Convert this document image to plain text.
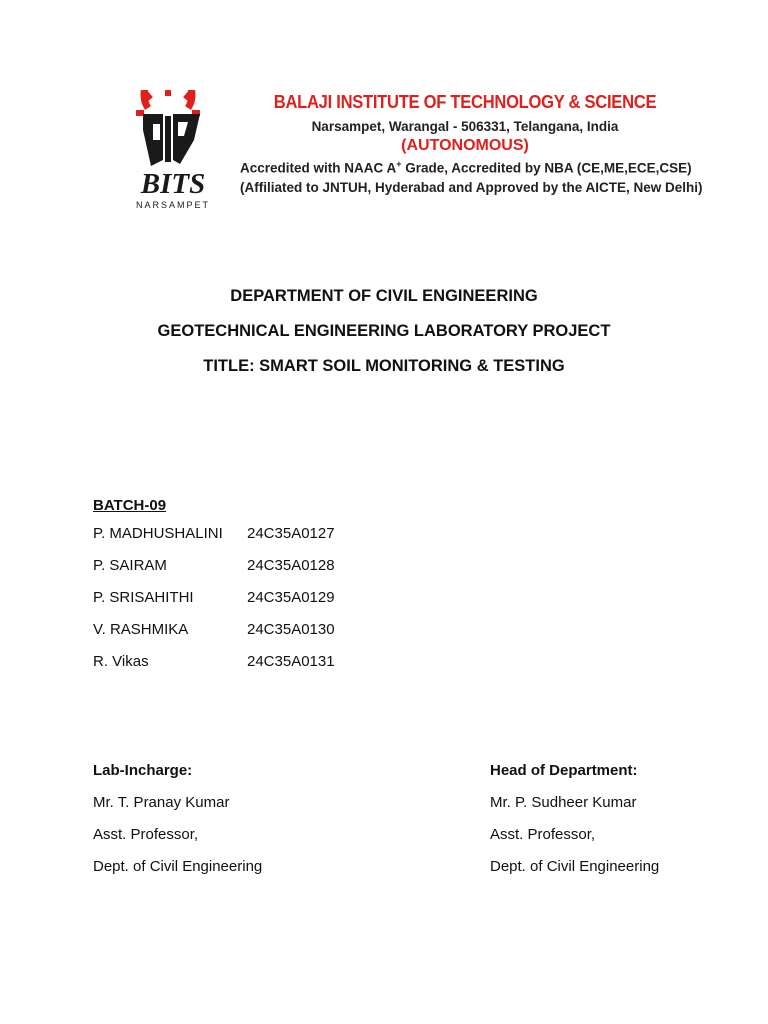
BITS
NARSAMPET
BALAJI INSTITUTE OF TECHNOLOGY & SCIENCE
Narsampet, Warangal - 506331, Telangana, India
(AUTONOMOUS)
Accredited with NAAC A+ Grade, Accredited by NBA (CE,ME,ECE,CSE)
(Affiliated to JNTUH, Hyderabad and Approved by the AICTE, New Delhi)
DEPARTMENT OF CIVIL ENGINEERING
GEOTECHNICAL ENGINEERING LABORATORY PROJECT
TITLE: SMART SOIL MONITORING & TESTING
BATCH-09
P. MADHUSHALINI 24C35A0127
P. SAIRAM	24C35A0128
P. SRISAHITHI	24C35A0129
V. RASHMIKA	24C35A0130
R. Vikas	24C35A0131
Lab-Incharge:
Mr. T. Pranay Kumar
Asst. Professor,
Dept. of Civil Engineering
Head of Department:
Mr. P. Sudheer Kumar
Asst. Professor,
Dept. of Civil Engineering
